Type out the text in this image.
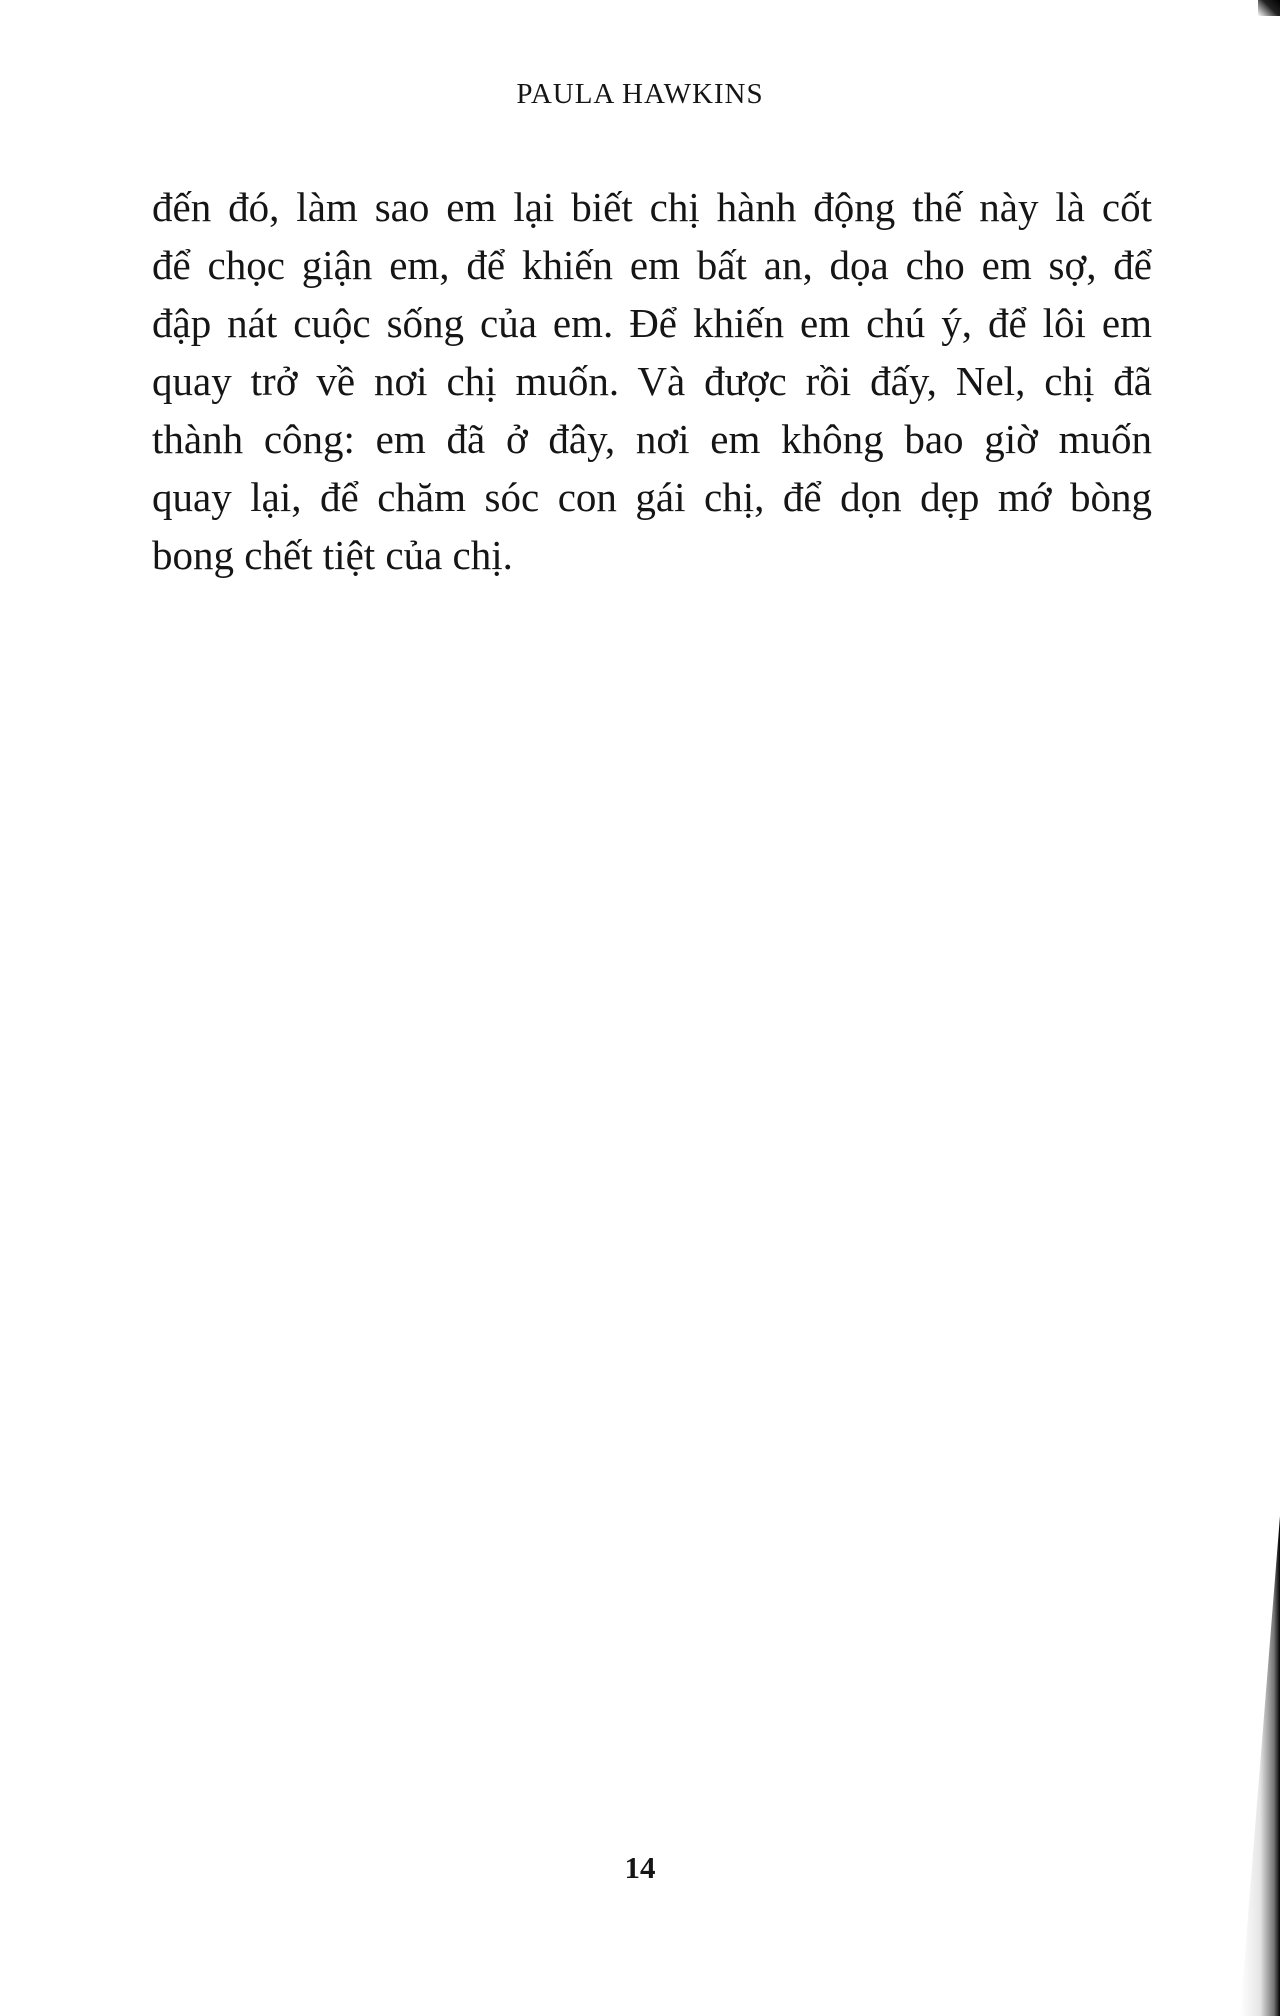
PAULA HAWKINS
đến đó, làm sao em lại biết chị hành động thế này là cốt
để chọc giận em, để khiến em bất an, dọa cho em sợ, để
đập nát cuộc sống của em. Để khiến em chú ý, để lôi em
quay trở về nơi chị muốn. Và được rồi đấy, Nel, chị đã
thành công: em đã ở đây, nơi em không bao giờ muốn
quay lại, để chăm sóc con gái chị, để dọn dẹp mớ bòng
bong chết tiệt của chị.
14
